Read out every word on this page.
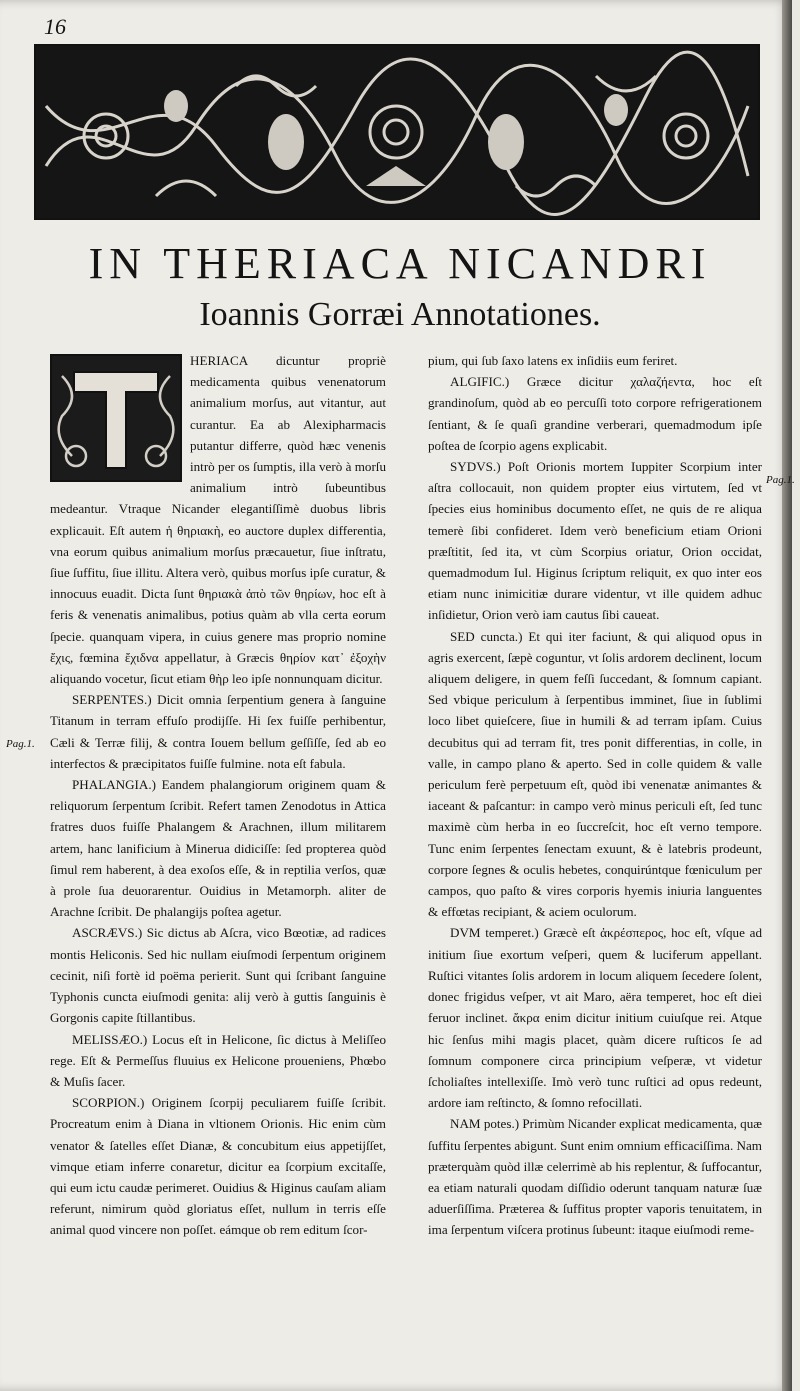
16
IN THERIACA NICANDRI
Ioannis Gorræi Annotationes.

HERIACA dicuntur propriè medicamenta quibus venenatorum animalium morſus, aut vitantur, aut curantur. Ea ab Alexipharmacis putantur differre, quòd hæc venenis intrò per os ſumptis, illa verò à morſu animalium intrò ſubeuntibus medeantur. Vtraque Nicander elegantiſſimè duobus libris explicauit. Eſt autem ἡ θηριακὴ, eo auctore duplex differentia, vna eorum quibus animalium morſus præcauetur, ſiue inſtratu, ſiue ſuffitu, ſiue illitu. Altera verò, quibus morſus ipſe curatur, & innocuus euadit. Dicta ſunt θηριακὰ ἀπὸ τῶν θηρίων, hoc eſt à feris & venenatis animalibus, potius quàm ab vlla certa eorum ſpecie. quanquam vipera, in cuius genere mas proprio nomine ἔχις, fœmina ἔχιδνα appellatur, à Græcis θηρίον κατ᾽ ἐξοχὴν aliquando vocetur, ſicut etiam θὴρ leo ipſe nonnunquam dicitur.

SERPENTES.) Dicit omnia ſerpentium genera à ſanguine Titanum in terram effuſo prodijſſe. Hi ſex fuiſſe perhibentur, Cæli & Terræ filij, & contra Iouem bellum geſſiſſe, ſed ab eo interfectos & præcipitatos fuiſſe fulmine. nota eſt fabula.

PHALANGIA.) Eandem phalangiorum originem quam & reliquorum ſerpentum ſcribit. Refert tamen Zenodotus in Attica fratres duos fuiſſe Phalangem & Arachnen, illum militarem artem, hanc lanificium à Minerua didiciſſe: ſed propterea quòd ſimul rem haberent, à dea exoſos eſſe, & in reptilia verſos, quæ à prole ſua deuorarentur. Ouidius in Metamorph. aliter de Arachne ſcribit. De phalangijs poſtea agetur.

ASCRÆVS.) Sic dictus ab Aſcra, vico Bœotiæ, ad radices montis Heliconis. Sed hic nullam eiuſmodi ſerpentum originem cecinit, niſi fortè id poëma perierit. Sunt qui ſcribant ſanguine Typhonis cuncta eiuſmodi genita: alij verò à guttis ſanguinis è Gorgonis capite ſtillantibus.

MELISSÆO.) Locus eſt in Helicone, ſic dictus à Meliſſeo rege. Eſt & Permeſſus fluuius ex Helicone proueniens, Phœbo & Muſis ſacer.

SCORPION.) Originem ſcorpij peculiarem fuiſſe ſcribit. Procreatum enim à Diana in vltionem Orionis. Hic enim cùm venator & ſatelles eſſet Dianæ, & concubitum eius appetijſſet, vimque etiam inferre conaretur, dicitur ea ſcorpium excitaſſe, qui eum ictu caudæ perimeret. Ouidius & Higinus cauſam aliam referunt, nimirum quòd gloriatus eſſet, nullum in terris eſſe animal quod vincere non poſſet. eámque ob rem editum ſcor-

Pag.1.
Pag.1.

pium, qui ſub ſaxo latens ex inſidiis eum feriret.

ALGIFIC.) Græce dicitur χαλαζήεντα, hoc eſt grandinoſum, quòd ab eo percuſſi toto corpore refrigerationem ſentiant, & ſe quaſi grandine verberari, quemadmodum ipſe poſtea de ſcorpio agens explicabit.

SYDVS.) Poſt Orionis mortem Iuppiter Scorpium inter aſtra collocauit, non quidem propter eius virtutem, ſed vt ſpecies eius hominibus documento eſſet, ne quis de re aliqua temerè ſibi confideret. Idem verò beneficium etiam Orioni præſtitit, ſed ita, vt cùm Scorpius oriatur, Orion occidat, quemadmodum Iul. Higinus ſcriptum reliquit, ex quo inter eos etiam nunc inimicitiæ durare videntur, vt ille quidem adhuc inſidietur, Orion verò iam cautus ſibi caueat.

SED cuncta.) Et qui iter faciunt, & qui aliquod opus in agris exercent, ſæpè coguntur, vt ſolis ardorem declinent, locum aliquem deligere, in quem feſſi ſuccedant, & ſomnum capiant. Sed vbique periculum à ſerpentibus imminet, ſiue in ſublimi loco libet quieſcere, ſiue in humili & ad terram ipſam. Cuius decubitus qui ad terram fit, tres ponit differentias, in colle, in valle, in campo plano & aperto. Sed in colle quidem & valle periculum ferè perpetuum eſt, quòd ibi venenatæ animantes & iaceant & paſcantur: in campo verò minus periculi eſt, ſed tunc maximè cùm herba in eo ſuccreſcit, hoc eſt verno tempore. Tunc enim ſerpentes ſenectam exuunt, & è latebris prodeunt, corpore ſegnes & oculis hebetes, conquirúntque fœniculum per campos, quo paſto & vires corporis hyemis iniuria languentes & effœtas recipiant, & aciem oculorum.

DVM temperet.) Græcè eſt ἀκρέσπερος, hoc eſt, vſque ad initium ſiue exortum veſperi, quem & luciferum appellant. Ruſtici vitantes ſolis ardorem in locum aliquem ſecedere ſolent, donec frigidus veſper, vt ait Maro, aëra temperet, hoc eſt diei feruor inclinet. ἄκρα enim dicitur initium cuiuſque rei. Atque hic ſenſus mihi magis placet, quàm dicere ruſticos ſe ad ſomnum componere circa principium veſperæ, vt videtur ſcholiaſtes intellexiſſe. Imò verò tunc ruſtici ad opus redeunt, ardore iam reſtincto, & ſomno refocillati.

NAM potes.) Primùm Nicander explicat medicamenta, quæ ſuffitu ſerpentes abigunt. Sunt enim omnium efficaciſſima. Nam præterquàm quòd illæ celerrimè ab his replentur, & ſuffocantur, ea etiam naturali quodam diſſidio oderunt tanquam naturæ ſuæ aduerſiſſima. Præterea & ſuffitus propter vaporis tenuitatem, in ima ſerpentum viſcera protinus ſubeunt: itaque eiuſmodi reme-
